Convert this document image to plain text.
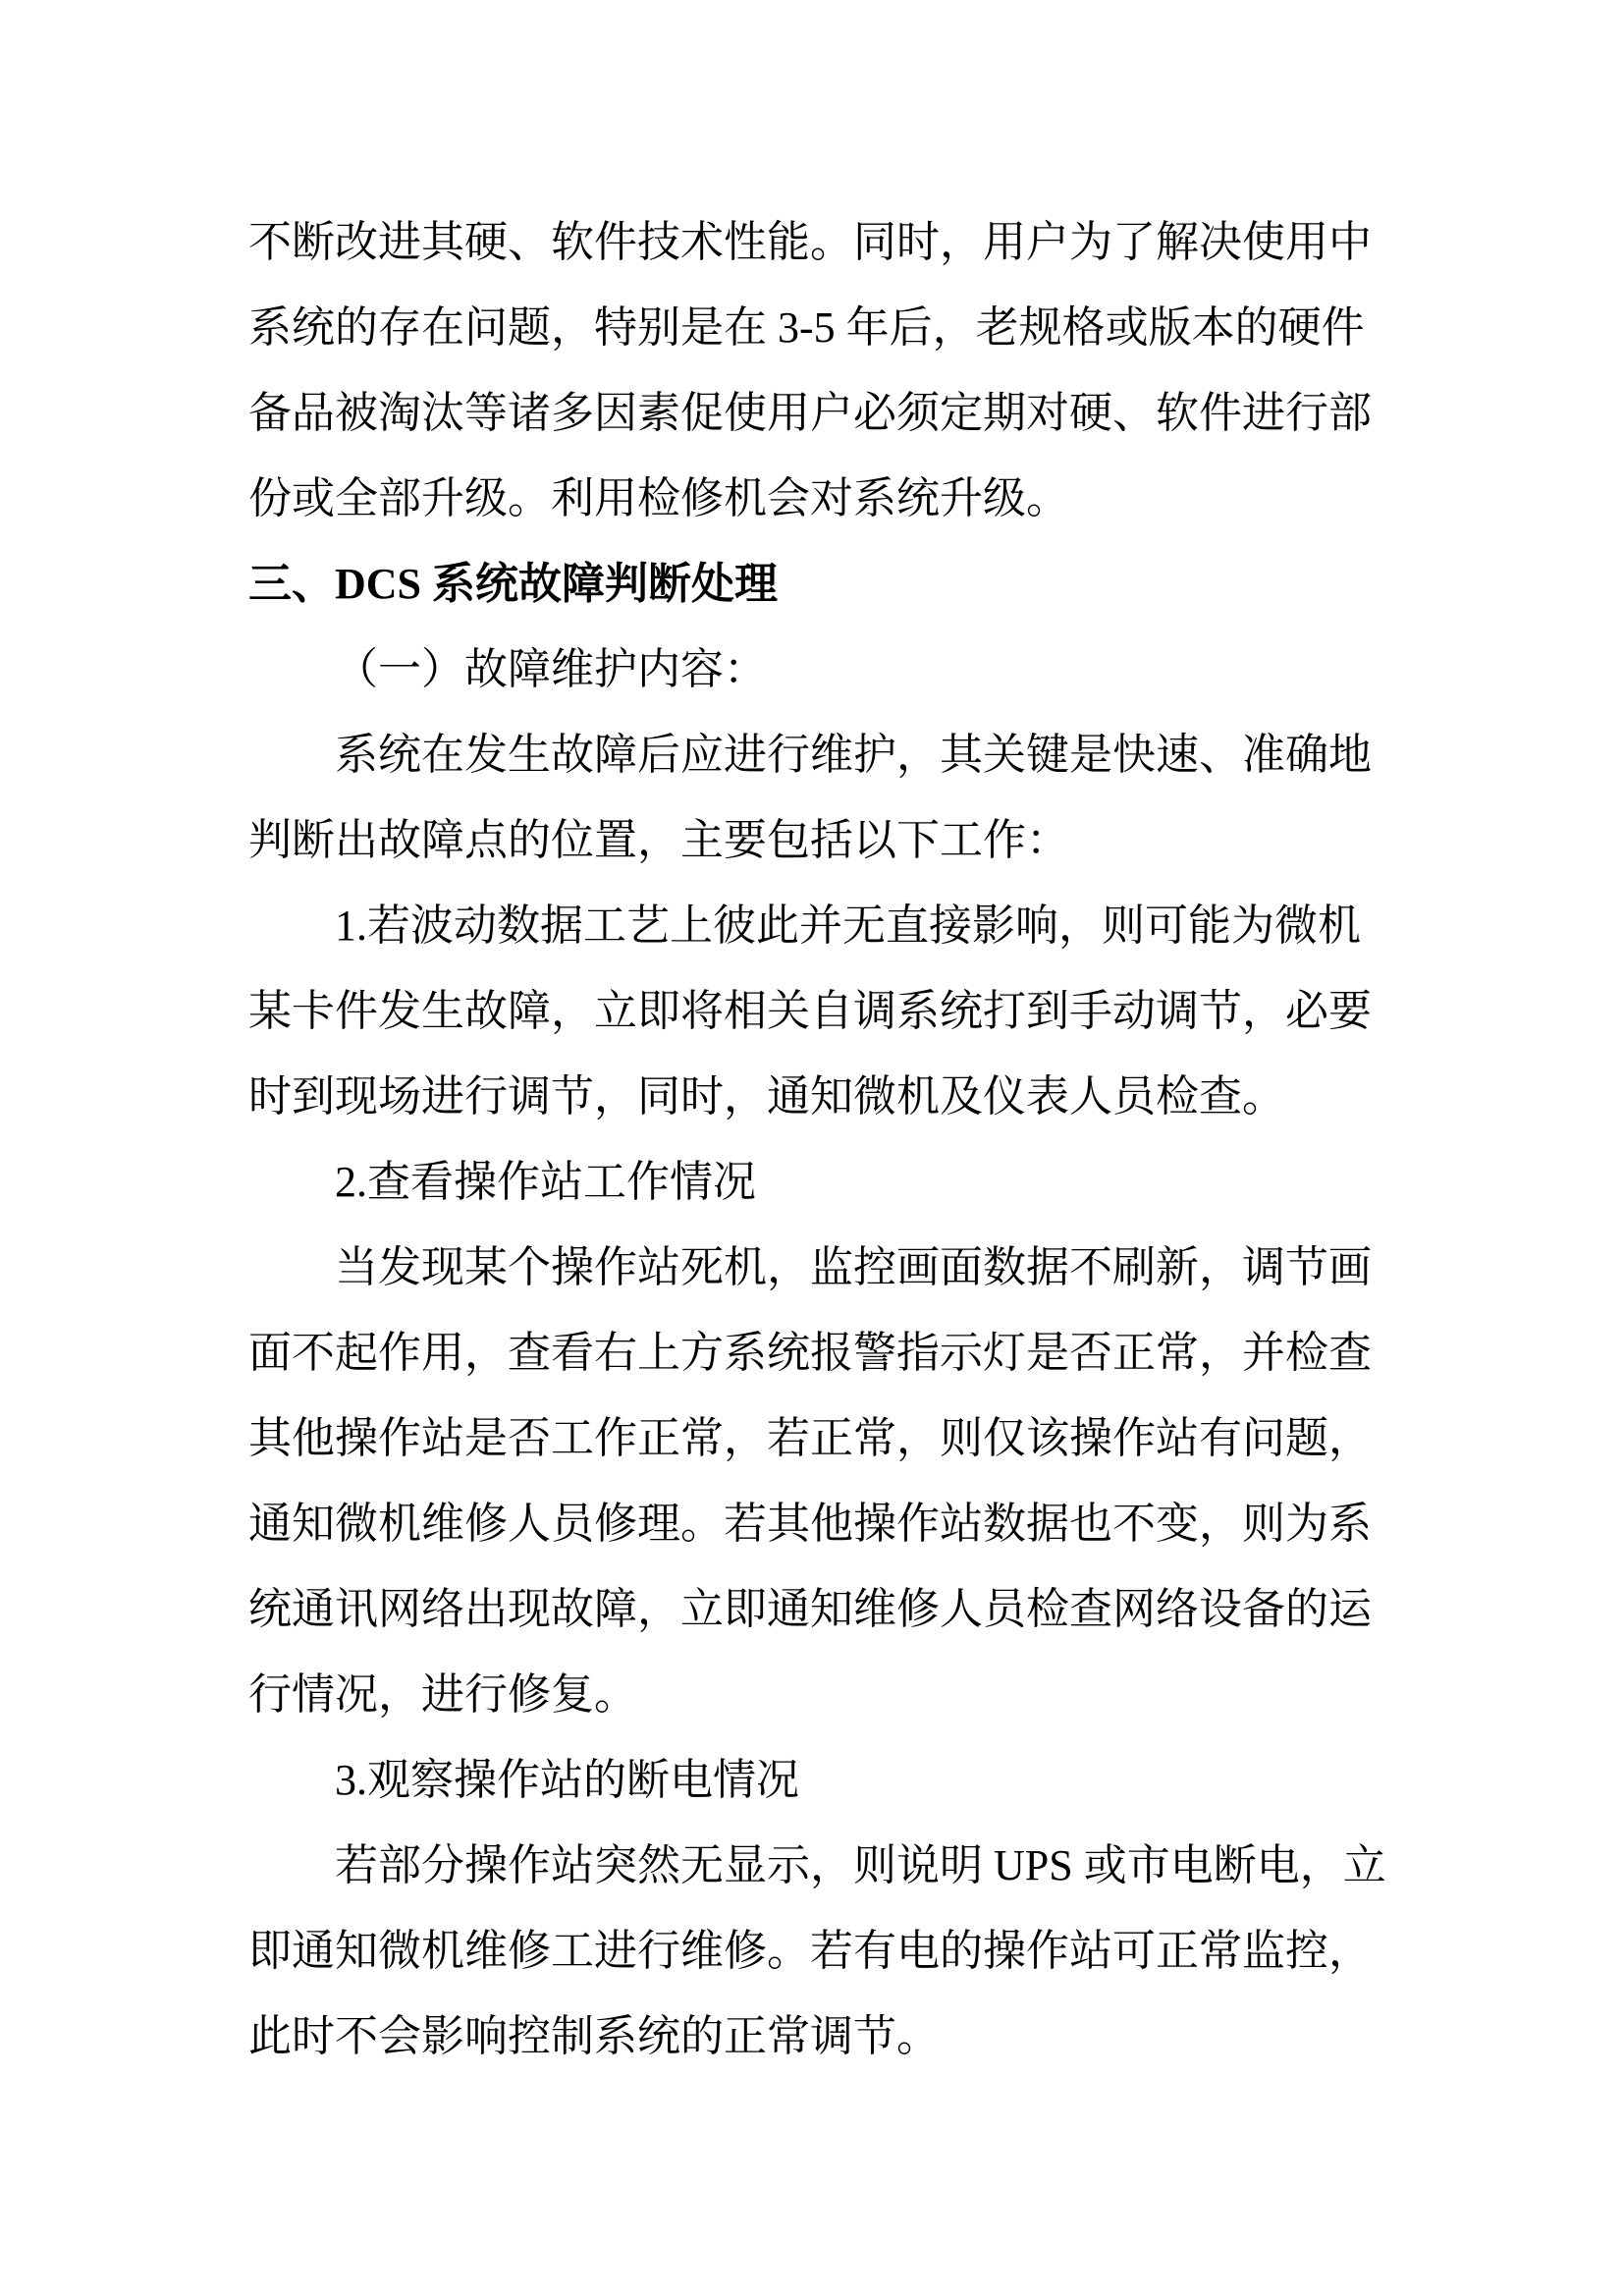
不断改进其硬、软件技术性能。同时，用户为了解决使用中
系统的存在问题，特别是在 3-5 年后，老规格或版本的硬件
备品被淘汰等诸多因素促使用户必须定期对硬、软件进行部
份或全部升级。利用检修机会对系统升级。
三、DCS 系统故障判断处理
（一）故障维护内容：
系统在发生故障后应进行维护，其关键是快速、准确地
判断出故障点的位置，主要包括以下工作：
1.若波动数据工艺上彼此并无直接影响，则可能为微机
某卡件发生故障，立即将相关自调系统打到手动调节，必要
时到现场进行调节，同时，通知微机及仪表人员检查。
2.查看操作站工作情况
当发现某个操作站死机，监控画面数据不刷新，调节画
面不起作用，查看右上方系统报警指示灯是否正常，并检查
其他操作站是否工作正常，若正常，则仅该操作站有问题，
通知微机维修人员修理。若其他操作站数据也不变，则为系
统通讯网络出现故障，立即通知维修人员检查网络设备的运
行情况，进行修复。
3.观察操作站的断电情况
若部分操作站突然无显示，则说明 UPS 或市电断电，立
即通知微机维修工进行维修。若有电的操作站可正常监控，
此时不会影响控制系统的正常调节。
